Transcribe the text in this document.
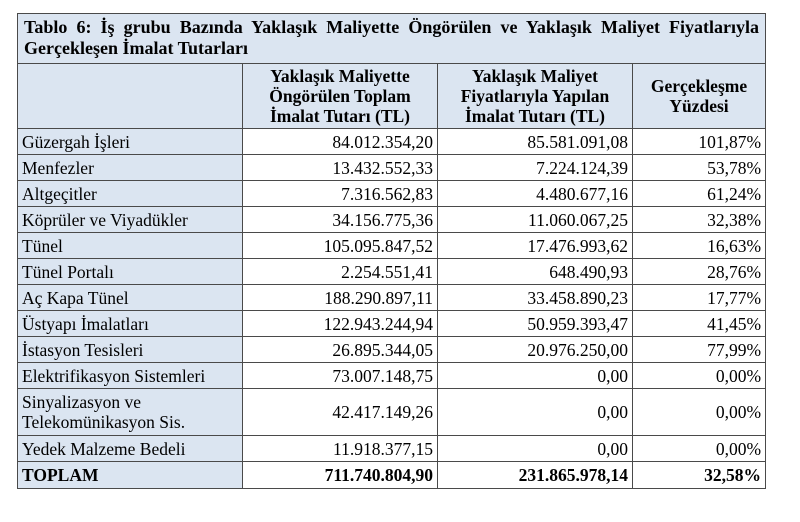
Tablo 6: İş grubu Bazında Yaklaşık Maliyette Öngörülen ve Yaklaşık Maliyet Fiyatlarıyla Gerçekleşen İmalat Tutarları			
	Yaklaşık Maliyette Öngörülen Toplam İmalat Tutarı (TL)	Yaklaşık Maliyet Fiyatlarıyla Yapılan İmalat Tutarı (TL)	Gerçekleşme Yüzdesi
Güzergah İşleri	84.012.354,20	85.581.091,08	101,87%
Menfezler	13.432.552,33	7.224.124,39	53,78%
Altgeçitler	7.316.562,83	4.480.677,16	61,24%
Köprüler ve Viyadükler	34.156.775,36	11.060.067,25	32,38%
Tünel	105.095.847,52	17.476.993,62	16,63%
Tünel Portalı	2.254.551,41	648.490,93	28,76%
Aç Kapa Tünel	188.290.897,11	33.458.890,23	17,77%
Üstyapı İmalatları	122.943.244,94	50.959.393,47	41,45%
İstasyon Tesisleri	26.895.344,05	20.976.250,00	77,99%
Elektrifikasyon Sistemleri	73.007.148,75	0,00	0,00%
Sinyalizasyon ve Telekomünikasyon Sis.	42.417.149,26	0,00	0,00%
Yedek Malzeme Bedeli	11.918.377,15	0,00	0,00%
TOPLAM	711.740.804,90	231.865.978,14	32,58%
